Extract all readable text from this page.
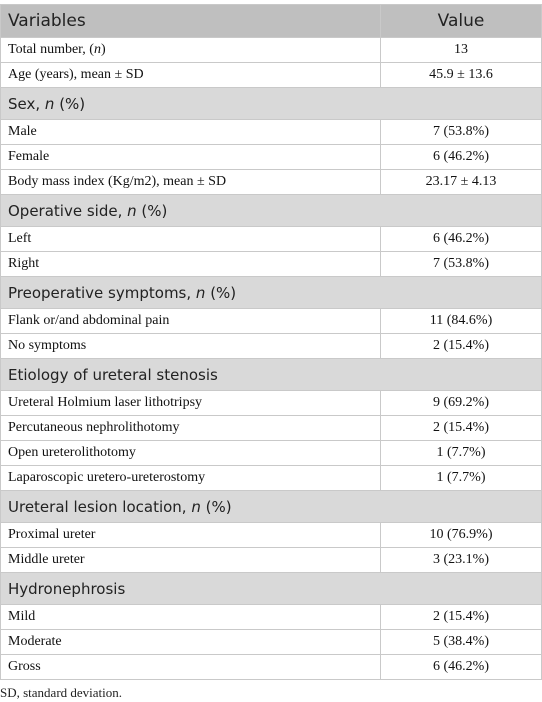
Variables	Value
Total number, (n)	13
Age (years), mean ± SD	45.9 ± 13.6
Sex, n (%)	
Male	7 (53.8%)
Female	6 (46.2%)
Body mass index (Kg/m2), mean ± SD	23.17 ± 4.13
Operative side, n (%)	
Left	6 (46.2%)
Right	7 (53.8%)
Preoperative symptoms, n (%)	
Flank or/and abdominal pain	11 (84.6%)
No symptoms	2 (15.4%)
Etiology of ureteral stenosis	
Ureteral Holmium laser lithotripsy	9 (69.2%)
Percutaneous nephrolithotomy	2 (15.4%)
Open ureterolithotomy	1 (7.7%)
Laparoscopic uretero-ureterostomy	1 (7.7%)
Ureteral lesion location, n (%)	
Proximal ureter	10 (76.9%)
Middle ureter	3 (23.1%)
Hydronephrosis	
Mild	2 (15.4%)
Moderate	5 (38.4%)
Gross	6 (46.2%)
SD, standard deviation.
